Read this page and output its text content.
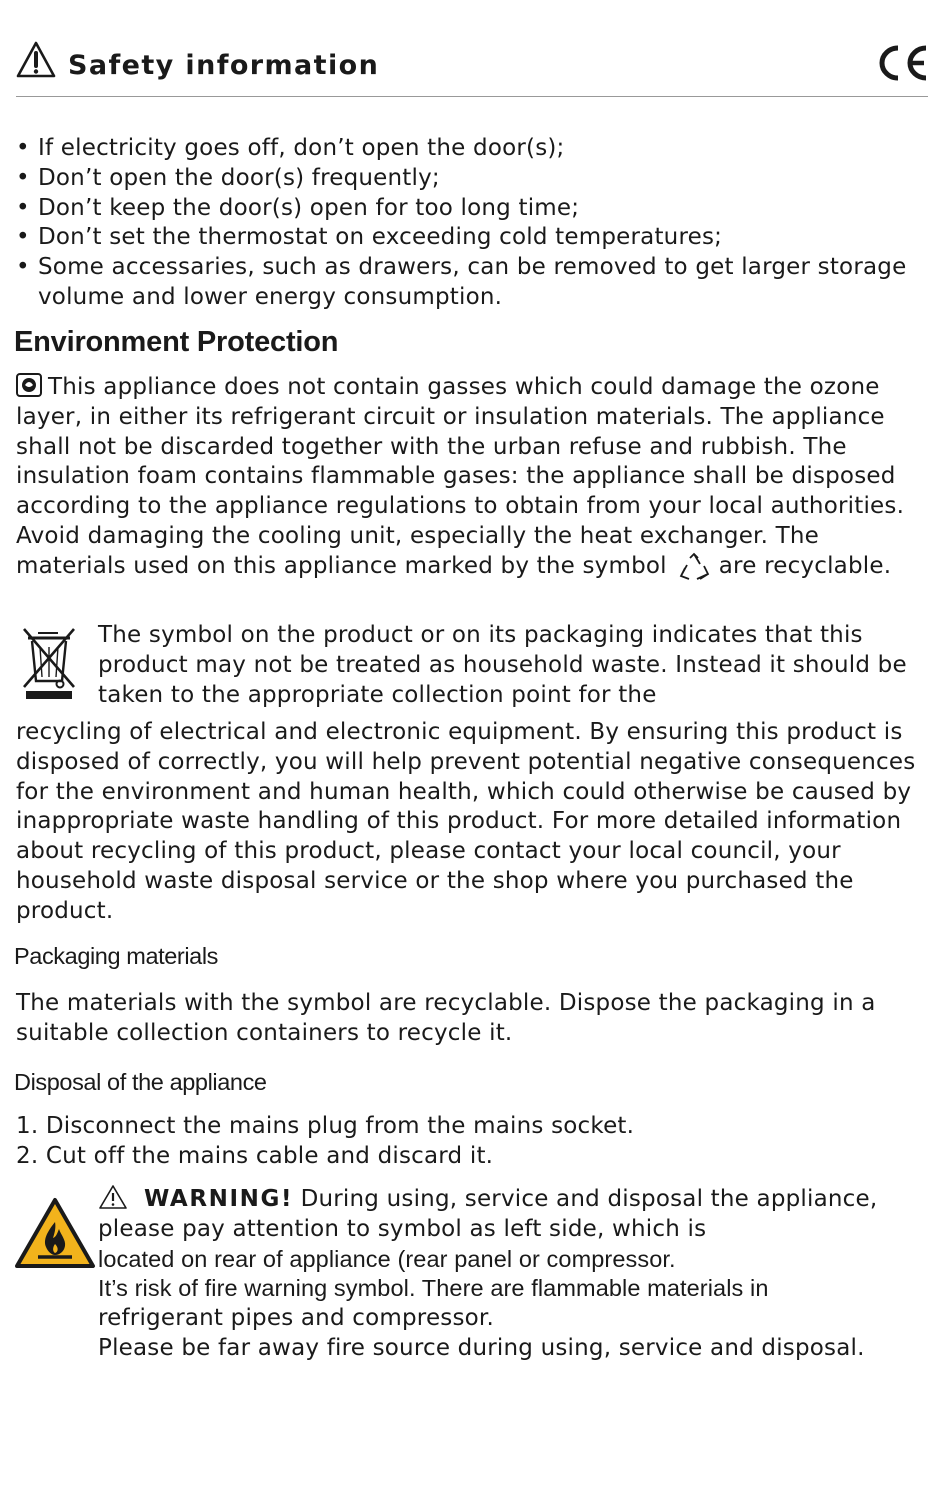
Safety information
• If electricity goes off, don’t open the door(s);
• Don’t open the door(s) frequently;
• Don’t keep the door(s) open for too long time;
• Don’t set the thermostat on exceeding cold temperatures;
• Some accessaries, such as drawers, can be removed to get larger storage volume and lower energy consumption.
Environment Protection

This appliance does not contain gasses which could damage the ozone layer, in either its refrigerant circuit or insulation materials. The appliance shall not be discarded together with the urban refuse and rubbish. The insulation foam contains flammable gases: the appliance shall be disposed according to the appliance regulations to obtain from your local authorities. Avoid damaging the cooling unit, especially the heat exchanger. The materials used on this appliance marked by the symbol are recyclable.

The symbol on the product or on its packaging indicates that this product may not be treated as household waste. Instead it should be taken to the appropriate collection point for the

recycling of electrical and electronic equipment. By ensuring this product is disposed of correctly, you will help prevent potential negative consequences for the environment and human health, which could otherwise be caused by inappropriate waste handling of this product. For more detailed information about recycling of this product, please contact your local council, your household waste disposal service or the shop where you purchased the product.

Packaging materials

The materials with the symbol are recyclable. Dispose the packaging in a suitable collection containers to recycle it.

Disposal of the appliance
1. Disconnect the mains plug from the mains socket.
2. Cut off the mains cable and discard it.
WARNING! During using, service and disposal the appliance, please pay attention to symbol as left side, which is
located on rear of appliance (rear panel or compressor.
It’s risk of fire warning symbol. There are flammable materials in
refrigerant pipes and compressor.
Please be far away fire source during using, service and disposal.
